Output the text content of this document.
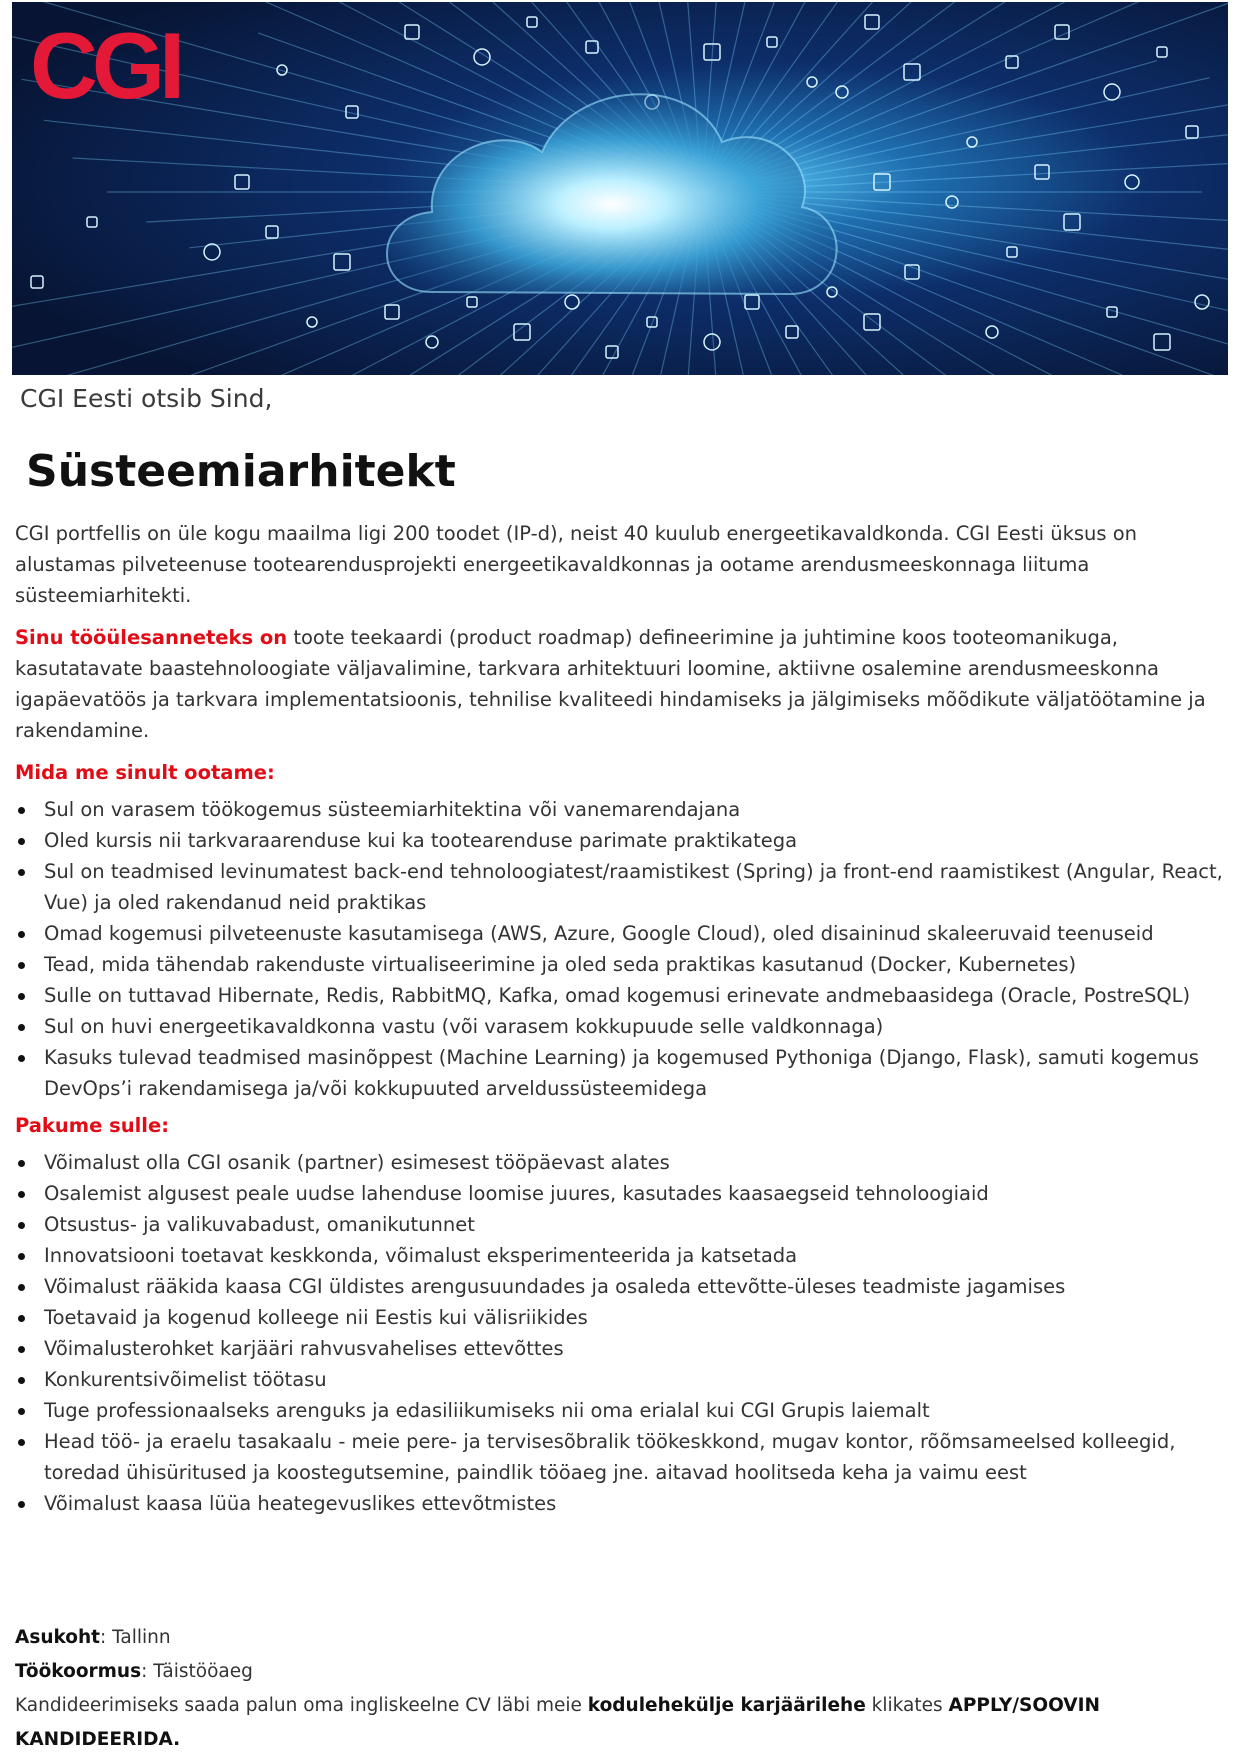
CGI
CGI Eesti otsib Sind,
Süsteemiarhitekt

CGI portfellis on üle kogu maailma ligi 200 toodet (IP-d), neist 40 kuulub energeetikavaldkonda. CGI Eesti üksus on alustamas pilveteenuse tootearendusprojekti energeetikavaldkonnas ja ootame arendusmeeskonnaga liituma süsteemiarhitekti.

Sinu tööülesanneteks on toote teekaardi (product roadmap) defineerimine ja juhtimine koos tooteomanikuga, kasutatavate baastehnoloogiate väljavalimine, tarkvara arhitektuuri loomine, aktiivne osalemine arendusmeeskonna igapäevatöös ja tarkvara implementatsioonis, tehnilise kvaliteedi hindamiseks ja jälgimiseks mõõdikute väljatöötamine ja rakendamine.

Mida me sinult ootame:
Sul on varasem töökogemus süsteemiarhitektina või vanemarendajana
Oled kursis nii tarkvaraarenduse kui ka tootearenduse parimate praktikatega
Sul on teadmised levinumatest back-end tehnoloogiatest/raamistikest (Spring) ja front-end raamistikest (Angular, React, Vue) ja oled rakendanud neid praktikas
Omad kogemusi pilveteenuste kasutamisega (AWS, Azure, Google Cloud), oled disaininud skaleeruvaid teenuseid
Tead, mida tähendab rakenduste virtualiseerimine ja oled seda praktikas kasutanud (Docker, Kubernetes)
Sulle on tuttavad Hibernate, Redis, RabbitMQ, Kafka, omad kogemusi erinevate andmebaasidega (Oracle, PostreSQL)
Sul on huvi energeetikavaldkonna vastu (või varasem kokkupuude selle valdkonnaga)
Kasuks tulevad teadmised masinõppest (Machine Learning) ja kogemused Pythoniga (Django, Flask), samuti kogemus DevOps’i rakendamisega ja/või kokkupuuted arveldussüsteemidega
Pakume sulle:
Võimalust olla CGI osanik (partner) esimesest tööpäevast alates
Osalemist algusest peale uudse lahenduse loomise juures, kasutades kaasaegseid tehnoloogiaid
Otsustus- ja valikuvabadust, omanikutunnet
Innovatsiooni toetavat keskkonda, võimalust eksperimenteerida ja katsetada
Võimalust rääkida kaasa CGI üldistes arengusuundades ja osaleda ettevõtte-üleses teadmiste jagamises
Toetavaid ja kogenud kolleege nii Eestis kui välisriikides
Võimalusterohket karjääri rahvusvahelises ettevõttes
Konkurentsivõimelist töötasu
Tuge professionaalseks arenguks ja edasiliikumiseks nii oma erialal kui CGI Grupis laiemalt
Head töö- ja eraelu tasakaalu - meie pere- ja tervisesõbralik töökeskkond, mugav kontor, rõõmsameelsed kolleegid, toredad ühisüritused ja koostegutsemine, paindlik tööaeg jne. aitavad hoolitseda keha ja vaimu eest
Võimalust kaasa lüüa heategevuslikes ettevõtmistes
Asukoht: Tallinn
Töökoormus: Täistööaeg
Kandideerimiseks saada palun oma ingliskeelne CV läbi meie kodulehekülje karjäärilehe klikates APPLY/SOOVIN KANDIDEERIDA.
